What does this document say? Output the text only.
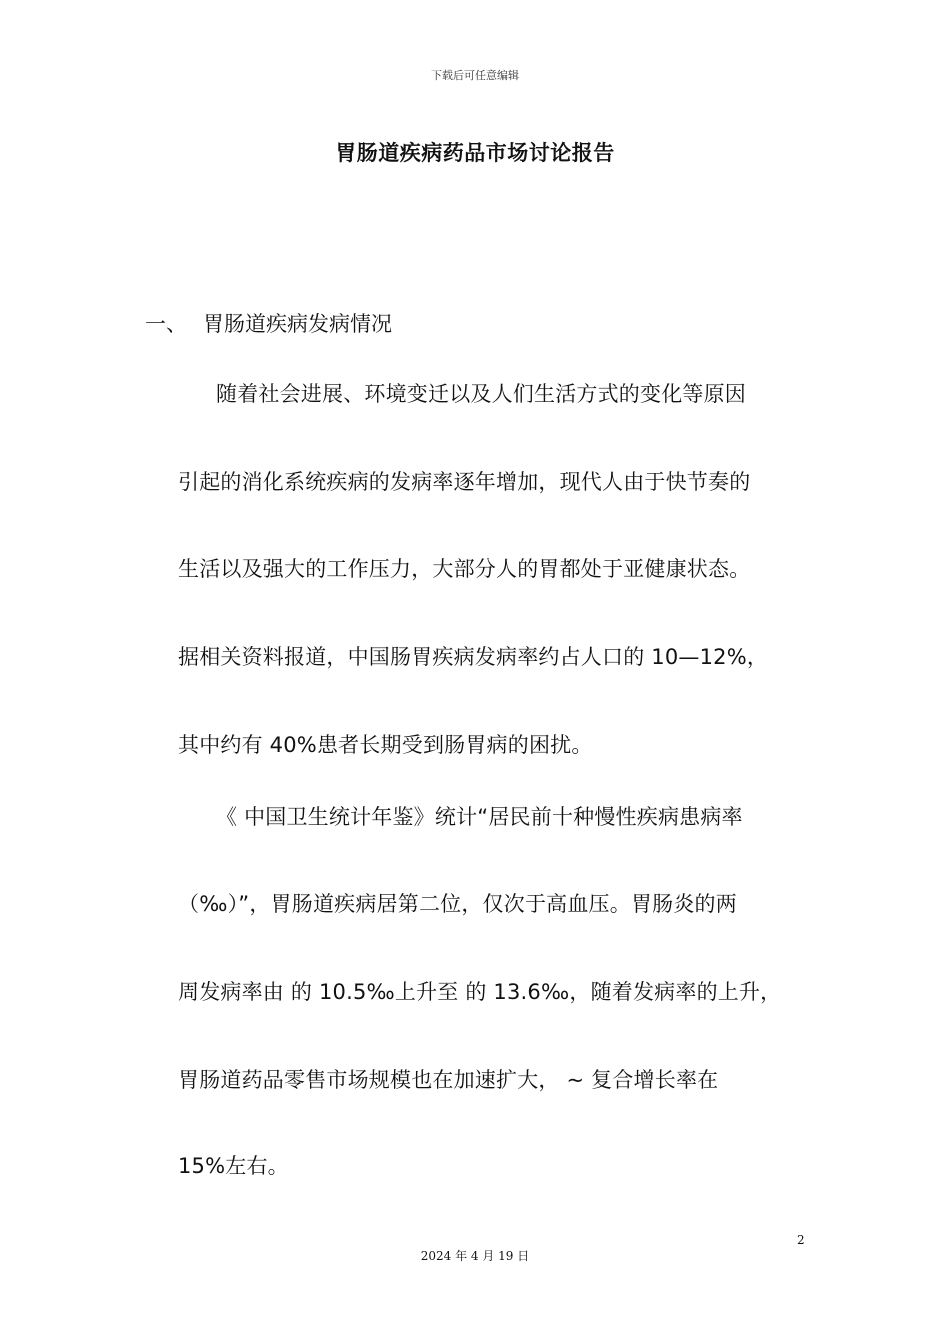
下载后可任意编辑
胃肠道疾病药品市场讨论报告
一、 胃肠道疾病发病情况
随着社会进展、环境变迁以及人们生活方式的变化等原因
引起的消化系统疾病的发病率逐年增加，现代人由于快节奏的
生活以及强大的工作压力，大部分人的胃都处于亚健康状态。
据相关资料报道，中国肠胃疾病发病率约占人口的 10—12%，
其中约有 40%患者长期受到肠胃病的困扰。
《 中国卫生统计年鉴》统计“居民前十种慢性疾病患病率
（‰）”，胃肠道疾病居第二位，仅次于高血压。胃肠炎的两
周发病率由 的 10.5‰上升至 的 13.6‰，随着发病率的上升，
胃肠道药品零售市场规模也在加速扩大， ~ 复合增长率在
15%左右。
2
2024 年 4 月 19 日
